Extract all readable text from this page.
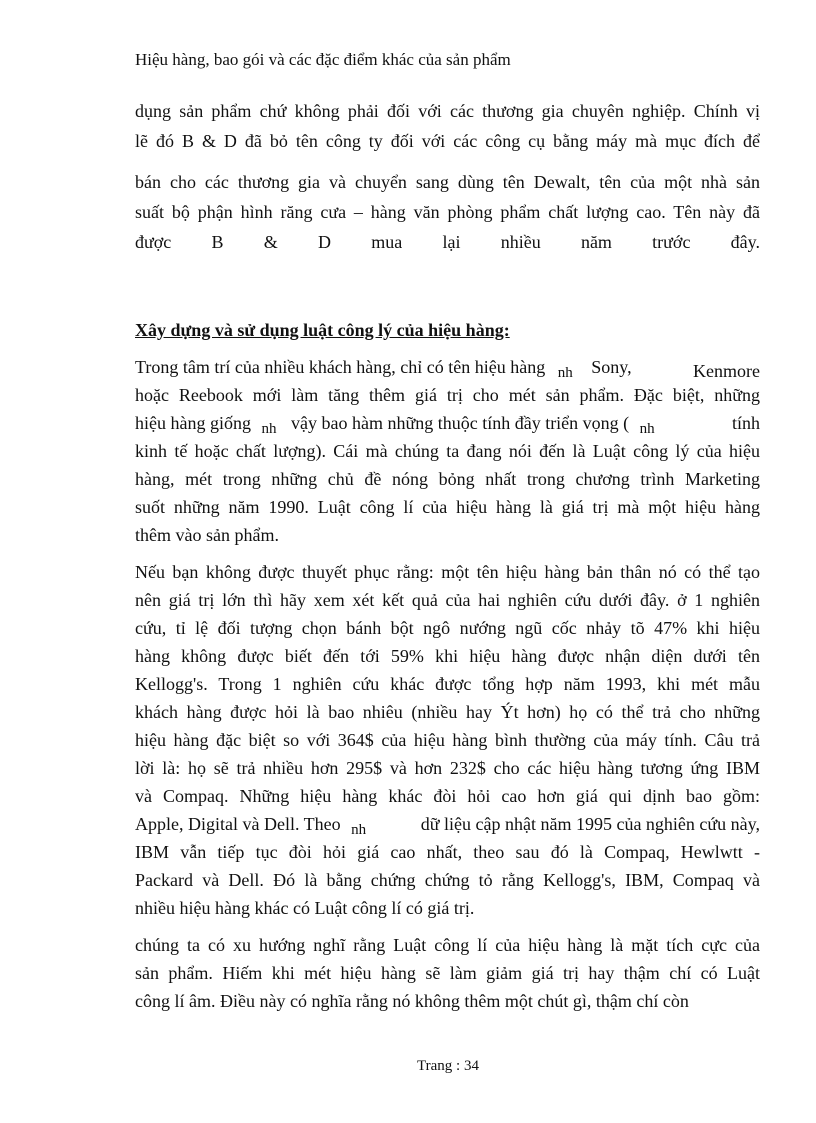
Hiệu hàng, bao gói và các đặc điểm khác của sản phẩm
dụng sản phẩm chứ không phải đối với các thương gia chuyên nghiệp. Chính vị
lẽ đó B & D đã bỏ tên công ty đối với các công cụ bằng máy mà mục đích để
bán cho các thương gia và chuyển sang dùng tên Dewalt, tên của một nhà sản
suất bộ phận hình răng cưa – hàng văn phòng phẩm chất lượng cao. Tên này đã
được B & D mua lại nhiều năm trước đây.
Xây dựng và sử dụng luật công lý của hiệu hàng:
Trong tâm trí của nhiều khách hàng, chỉ có tên hiệu hàng $_{nh}$ Sony,	Kenmore
hoặc Reebook mới làm tăng thêm giá trị cho mét sản phẩm. Đặc biệt, những
hiệu hàng giống $_{nh}$ vậy bao hàm những thuộc tính đầy triển vọng ( $_{nh}$	tính
kinh tế hoặc chất lượng). Cái mà chúng ta đang nói đến là Luật công lý của hiệu
hàng, mét trong những chủ đề nóng bỏng nhất trong chương trình Marketing
suốt những năm 1990. Luật công lí của hiệu hàng là giá trị mà một hiệu hàng
thêm vào sản phẩm.
Nếu bạn không được thuyết phục rằng: một tên hiệu hàng bản thân nó có thể tạo
nên giá trị lớn thì hãy xem xét kết quả của hai nghiên cứu dưới đây. ở 1 nghiên
cứu, tỉ lệ đối tượng chọn bánh bột ngô nướng ngũ cốc nhảy tõ 47% khi hiệu
hàng không được biết đến tới 59% khi hiệu hàng được nhận diện dưới tên
Kellogg's. Trong 1 nghiên cứu khác được tổng hợp năm 1993, khi mét mẫu
khách hàng được hỏi là bao nhiêu (nhiều hay Ýt hơn) họ có thể trả cho những
hiệu hàng đặc biệt so với 364$ của hiệu hàng bình thường của máy tính. Câu trả
lời là: họ sẽ trả nhiều hơn 295$ và hơn 232$ cho các hiệu hàng tương ứng IBM
và Compaq. Những hiệu hàng khác đòi hỏi cao hơn giá qui dịnh bao gồm:
Apple, Digital và Dell. Theo $_{nh}$	dữ liệu cập nhật năm 1995 của nghiên cứu này,
IBM vẫn tiếp tục đòi hỏi giá cao nhất, theo sau đó là Compaq, Hewlwtt -
Packard và Dell. Đó là bằng chứng chứng tỏ rằng Kellogg's, IBM, Compaq và
nhiều hiệu hàng khác có Luật công lí có giá trị.
chúng ta có xu hướng nghĩ rằng Luật công lí của hiệu hàng là mặt tích cực của
sản phẩm. Hiếm khi mét hiệu hàng sẽ làm giảm giá trị hay thậm chí có Luật
công lí âm. Điều này có nghĩa rằng nó không thêm một chút gì, thậm chí còn
Trang : 34
